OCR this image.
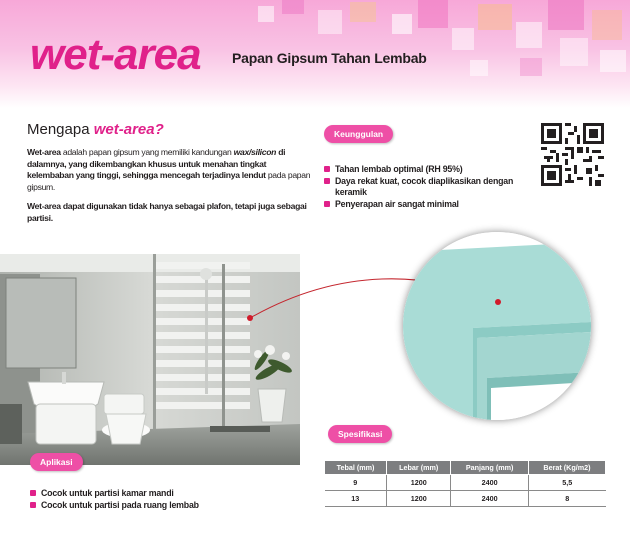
wet-area Papan Gipsum Tahan Lembab
Mengapa wet-area?

Wet-area adalah papan gipsum yang memiliki kandungan wax/silicon di dalamnya, yang dikembangkan khusus untuk menahan tingkat kelembaban yang tinggi, sehingga mencegah terjadinya lendut pada papan gipsum.

Wet-area dapat digunakan tidak hanya sebagai plafon, tetapi juga sebagai partisi.

Keunggulan
Tahan lembab optimal (RH 95%)
Daya rekat kuat, cocok diaplikasikan dengan keramik
Penyerapan air sangat minimal
Aplikasi
Cocok untuk partisi kamar mandi
Cocok untuk partisi pada ruang lembab
Spesifikasi
Tebal (mm)	Lebar (mm)	Panjang (mm)	Berat (Kg/m2)
9	1200	2400	5,5
13	1200	2400	8
